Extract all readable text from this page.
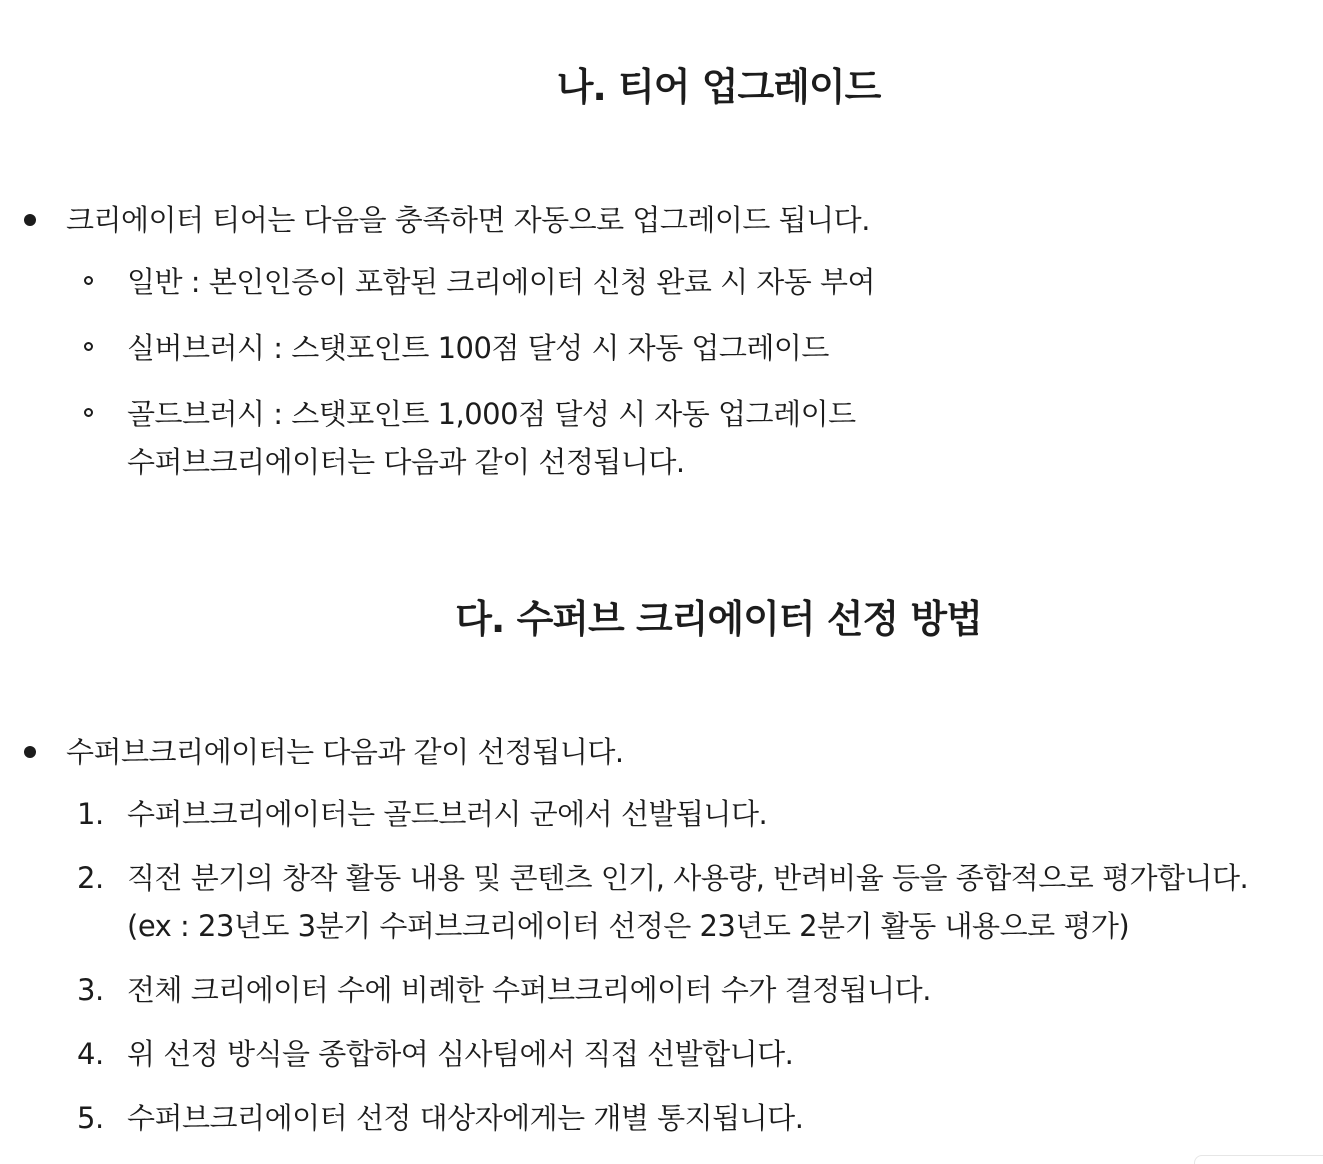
나. 티어 업그레이드
크리에이터 티어는 다음을 충족하면 자동으로 업그레이드 됩니다.
일반 : 본인인증이 포함된 크리에이터 신청 완료 시 자동 부여
실버브러시 : 스탯포인트 100점 달성 시 자동 업그레이드
골드브러시 : 스탯포인트 1,000점 달성 시 자동 업그레이드
수퍼브크리에이터는 다음과 같이 선정됩니다.
다. 수퍼브 크리에이터 선정 방법
수퍼브크리에이터는 다음과 같이 선정됩니다.
1. 수퍼브크리에이터는 골드브러시 군에서 선발됩니다.
2. 직전 분기의 창작 활동 내용 및 콘텐츠 인기, 사용량, 반려비율 등을 종합적으로 평가합니다.
(ex : 23년도 3분기 수퍼브크리에이터 선정은 23년도 2분기 활동 내용으로 평가)
3. 전체 크리에이터 수에 비례한 수퍼브크리에이터 수가 결정됩니다.
4. 위 선정 방식을 종합하여 심사팀에서 직접 선발합니다.
5. 수퍼브크리에이터 선정 대상자에게는 개별 통지됩니다.
